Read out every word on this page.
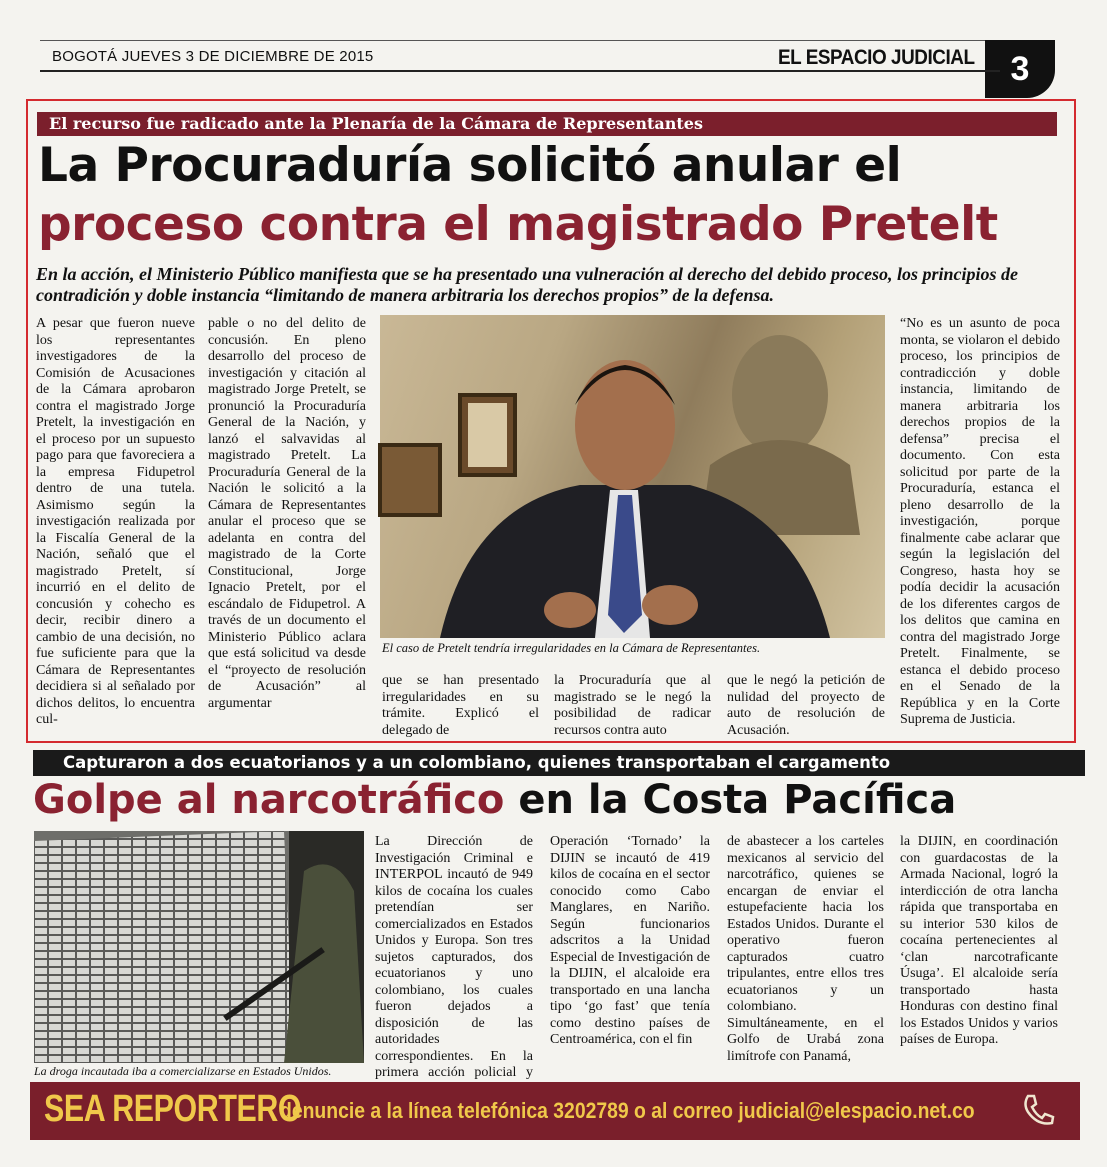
BOGOTÁ JUEVES 3 DE DICIEMBRE DE 2015	EL ESPACIO JUDICIAL	3
El recurso fue radicado ante la Plenaría de la Cámara de Representantes
La Procuraduría solicitó anular el
proceso contra el magistrado Pretelt
En la acción, el Ministerio Público manifiesta que se ha presentado una vulneración al derecho del debido proceso, los principios de contradición y doble instancia “limitando de manera arbitraria los derechos propios” de la defensa.

A pesar que fueron nueve los representantes investigadores de la Comisión de Acusaciones de la Cámara aprobaron contra el magistrado Jorge Pretelt, la investigación en el proceso por un supuesto pago para que favoreciera a la empresa Fidupetrol dentro de una tutela. Asimismo según la investigación realizada por la Fiscalía General de la Nación, señaló que el magistrado Pretelt, sí incurrió en el delito de concusión y cohecho es decir, recibir dinero a cambio de una decisión, no fue suficiente para que la Cámara de Representantes decidiera si al señalado por dichos delitos, lo encuentra cul-

pable o no del delito de concusión. En pleno desarrollo del proceso de investigación y citación al magistrado Jorge Pretelt, se pronunció la Procuraduría General de la Nación, y lanzó el salvavidas al magistrado Pretelt. La Procuraduría General de la Nación le solicitó a la Cámara de Representantes anular el proceso que se adelanta en contra del magistrado de la Corte Constitucional, Jorge Ignacio Pretelt, por el escándalo de Fidupetrol. A través de un documento el Ministerio Público aclara que está solicitud va desde el “proyecto de resolución de Acusación” al argumentar

El caso de Pretelt tendría irregularidades en la Cámara de Representantes.

que se han presentado irregularidades en su trámite. Explicó el delegado de

la Procuraduría que al magistrado se le negó la posibilidad de radicar recursos contra auto

que le negó la petición de nulidad del proyecto de auto de resolución de Acusación.

“No es un asunto de poca monta, se violaron el debido proceso, los principios de contradicción y doble instancia, limitando de manera arbitraria los derechos propios de la defensa” precisa el documento. Con esta solicitud por parte de la Procuraduría, estanca el pleno desarrollo de la investigación, porque finalmente cabe aclarar que según la legislación del Congreso, hasta hoy se podía decidir la acusación de los diferentes cargos de los delitos que camina en contra del magistrado Jorge Pretelt. Finalmente, se estanca el debido proceso en el Senado de la República y en la Corte Suprema de Justicia.

Capturaron a dos ecuatorianos y a un colombiano, quienes transportaban el cargamento
Golpe al narcotráfico en la Costa Pacífica
La droga incautada iba a comercializarse en Estados Unidos.

La Dirección de Investigación Criminal e INTERPOL incautó de 949 kilos de cocaína los cuales pretendían ser comercializados en Estados Unidos y Europa. Son tres sujetos capturados, dos ecuatorianos y uno colombiano, los cuales fueron dejados a disposición de las autoridades correspondientes. En la primera acción policial y

Operación ‘Tornado’ la DIJIN se incautó de 419 kilos de cocaína en el sector conocido como Cabo Manglares, en Nariño. Según funcionarios adscritos a la Unidad Especial de Investigación de la DIJIN, el alcaloide era transportado en una lancha tipo ‘go fast’ que tenía como destino países de Centroamérica, con el fin

de abastecer a los carteles mexicanos al servicio del narcotráfico, quienes se encargan de enviar el estupefaciente hacia los Estados Unidos. Durante el operativo fueron capturados cuatro tripulantes, entre ellos tres ecuatorianos y un colombiano. Simultáneamente, en el Golfo de Urabá zona limítrofe con Panamá,

la DIJIN, en coordinación con guardacostas de la Armada Nacional, logró la interdicción de otra lancha rápida que transportaba en su interior 530 kilos de cocaína pertenecientes al ‘clan narcotraficante Úsuga’. El alcaloide sería transportado hasta Honduras con destino final los Estados Unidos y varios países de Europa.

SEA REPORTERO
denuncie a la línea telefónica 3202789 o al correo judicial@elespacio.net.co
